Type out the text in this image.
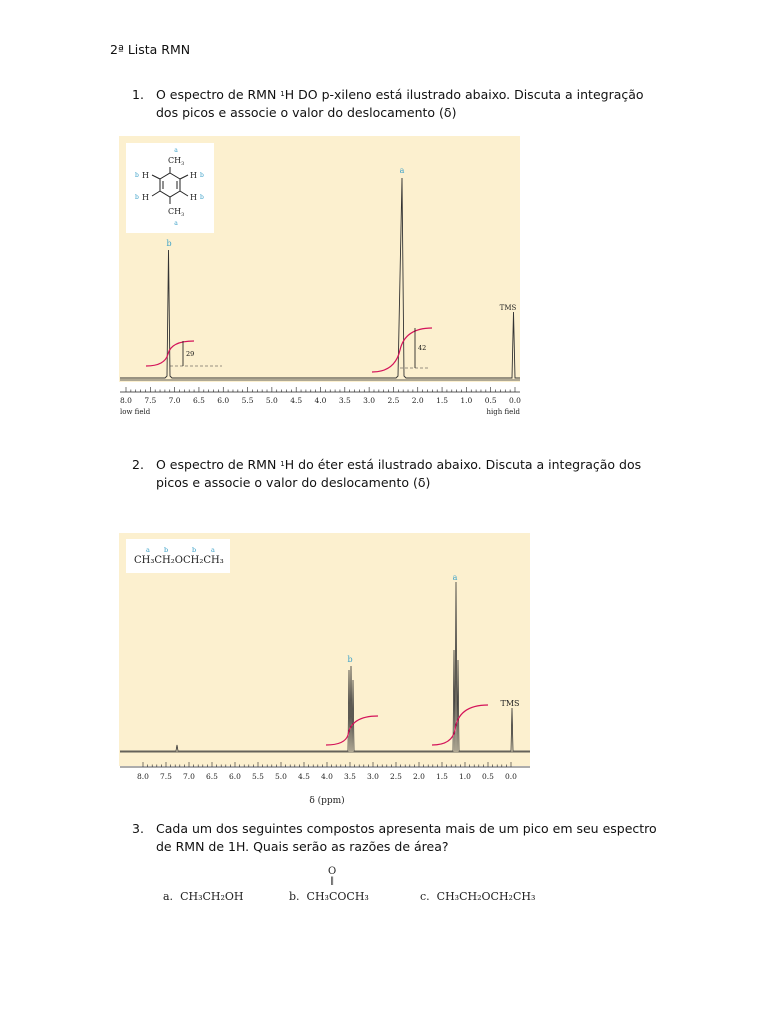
2ª Lista RMN
1. O espectro de RMN $^1$H DO p-xileno está ilustrado abaixo. Discuta a integração dos picos e associe o valor do deslocamento (δ)
a
$CH_3$
$CH_3$
a
b H
b H
H b
H b
29
42
b
a
TMS
8.0 7.5 7.0 6.5 6.0 5.5 5.0 4.5 4.0 3.5 3.0 2.5 2.0 1.5 1.0 0.5 0.0
low field	high field
2. O espectro de RMN $^1$H do éter está ilustrado abaixo. Discuta a integração dos picos e associe o valor do deslocamento (δ)
a b	b a
CH₃CH₂OCH₂CH₃
b
a
TMS
8.0 7.5 7.0 6.5 6.0 5.5 5.0 4.5 4.0 3.5 3.0 2.5 2.0 1.5 1.0 0.5 0.0
δ (ppm)
3. Cada um dos seguintes compostos apresenta mais de um pico em seu espectro de RMN de 1H. Quais serão as razões de área?
a. CH₃CH₂OH	b. CH₃COCH₃
O
‖
c. CH₃CH₂OCH₂CH₃
